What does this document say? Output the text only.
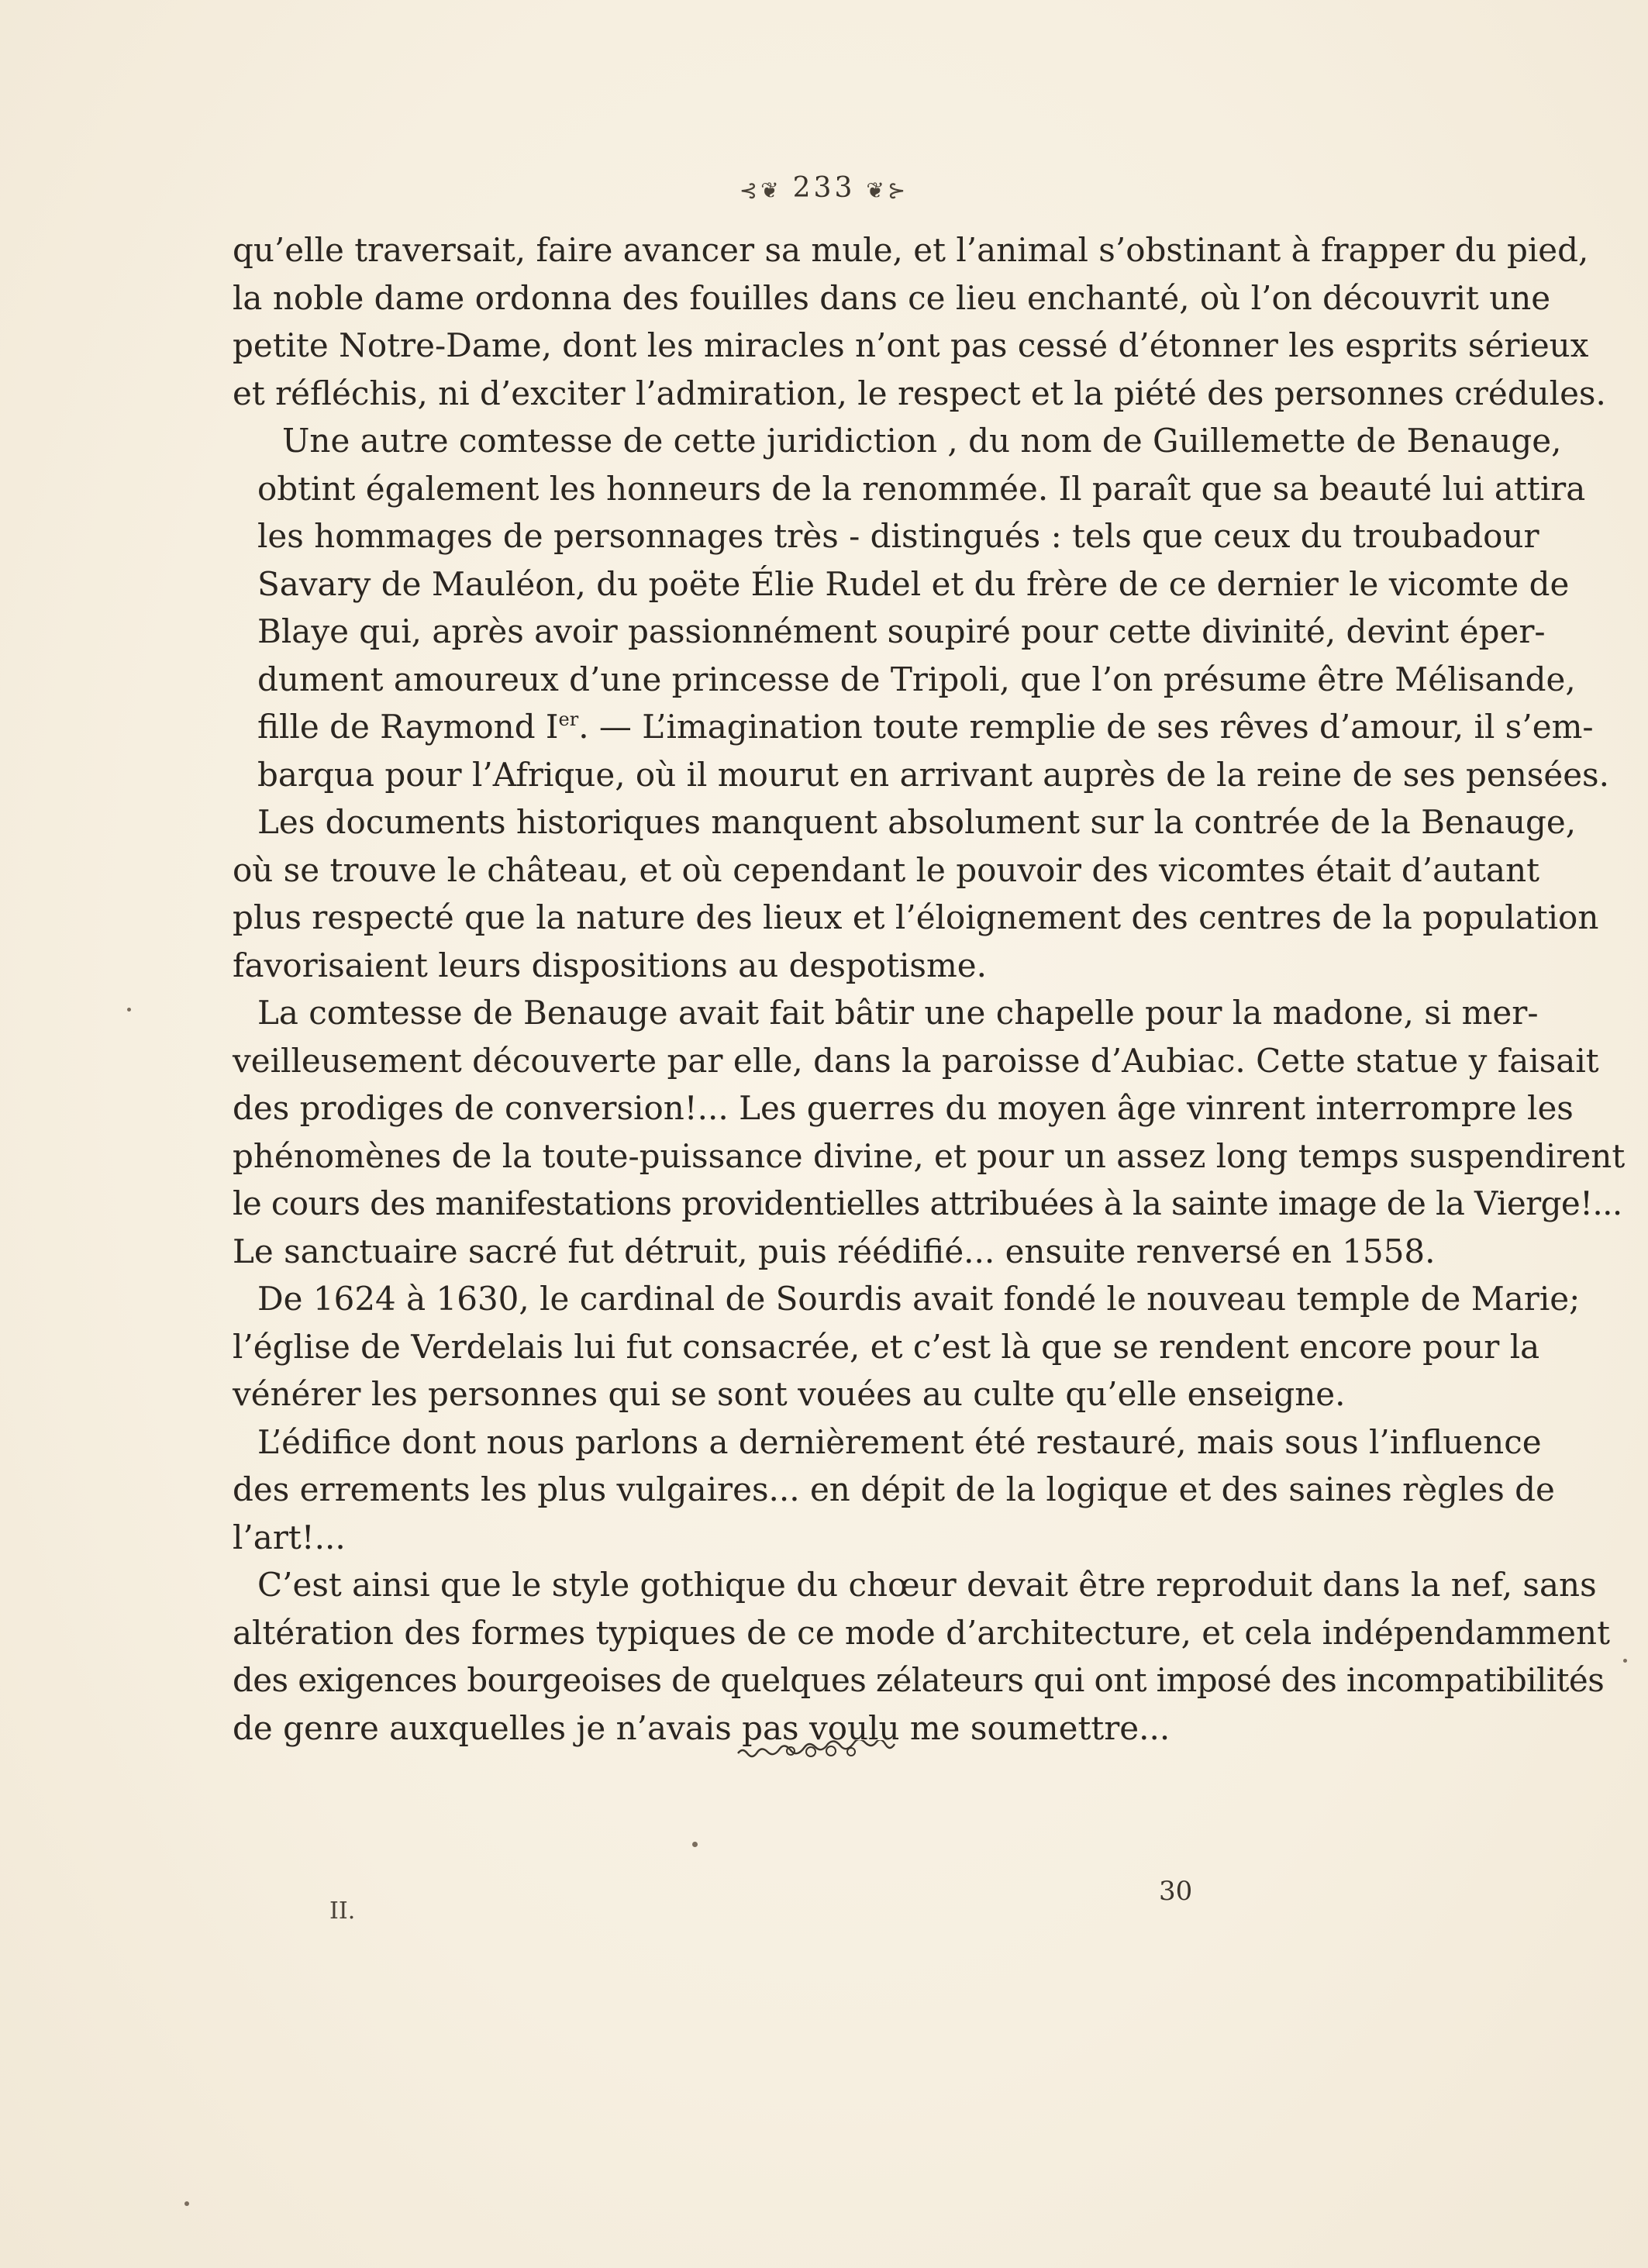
⊰❦ 233 ❦⊱

qu’elle traversait, faire avancer sa mule, et l’animal s’obstinant à frapper du pied,
la noble dame ordonna des fouilles dans ce lieu enchanté, où l’on découvrit une
petite Notre-Dame, dont les miracles n’ont pas cessé d’étonner les esprits sérieux
et réfléchis, ni d’exciter l’admiration, le respect et la piété des personnes crédules.

Une autre comtesse de cette juridiction , du nom de Guillemette de Benauge,
obtint également les honneurs de la renommée. Il paraît que sa beauté lui attira
les hommages de personnages très - distingués : tels que ceux du troubadour
Savary de Mauléon, du poëte Élie Rudel et du frère de ce dernier le vicomte de
Blaye qui, après avoir passionnément soupiré pour cette divinité, devint éper-
dument amoureux d’une princesse de Tripoli, que l’on présume être Mélisande,
fille de Raymond Ier. — L’imagination toute remplie de ses rêves d’amour, il s’em-
barqua pour l’Afrique, où il mourut en arrivant auprès de la reine de ses pensées.

Les documents historiques manquent absolument sur la contrée de la Benauge,
où se trouve le château, et où cependant le pouvoir des vicomtes était d’autant
plus respecté que la nature des lieux et l’éloignement des centres de la population
favorisaient leurs dispositions au despotisme.

La comtesse de Benauge avait fait bâtir une chapelle pour la madone, si mer-
veilleusement découverte par elle, dans la paroisse d’Aubiac. Cette statue y faisait
des prodiges de conversion!... Les guerres du moyen âge vinrent interrompre les
phénomènes de la toute-puissance divine, et pour un assez long temps suspendirent
le cours des manifestations providentielles attribuées à la sainte image de la Vierge!...
Le sanctuaire sacré fut détruit, puis réédifié... ensuite renversé en 1558.

De 1624 à 1630, le cardinal de Sourdis avait fondé le nouveau temple de Marie;
l’église de Verdelais lui fut consacrée, et c’est là que se rendent encore pour la
vénérer les personnes qui se sont vouées au culte qu’elle enseigne.

L’édifice dont nous parlons a dernièrement été restauré, mais sous l’influence
des errements les plus vulgaires... en dépit de la logique et des saines règles de
l’art!...

C’est ainsi que le style gothique du chœur devait être reproduit dans la nef, sans
altération des formes typiques de ce mode d’architecture, et cela indépendamment
des exigences bourgeoises de quelques zélateurs qui ont imposé des incompatibilités
de genre auxquelles je n’avais pas voulu me soumettre...

II.
30
